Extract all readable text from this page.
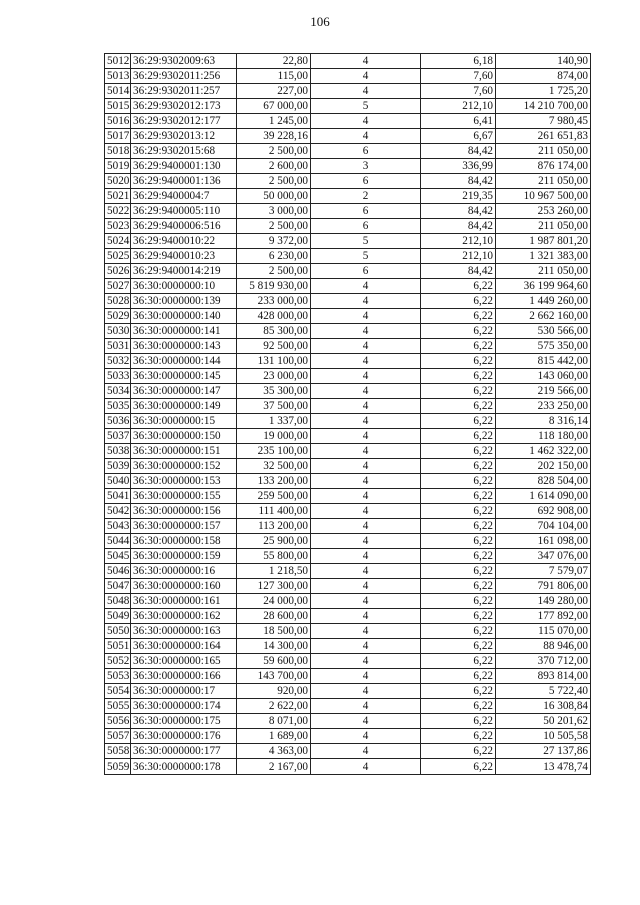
106
5012	36:29:9302009:63	22,80	4	6,18	140,90
5013	36:29:9302011:256	115,00	4	7,60	874,00
5014	36:29:9302011:257	227,00	4	7,60	1 725,20
5015	36:29:9302012:173	67 000,00	5	212,10	14 210 700,00
5016	36:29:9302012:177	1 245,00	4	6,41	7 980,45
5017	36:29:9302013:12	39 228,16	4	6,67	261 651,83
5018	36:29:9302015:68	2 500,00	6	84,42	211 050,00
5019	36:29:9400001:130	2 600,00	3	336,99	876 174,00
5020	36:29:9400001:136	2 500,00	6	84,42	211 050,00
5021	36:29:9400004:7	50 000,00	2	219,35	10 967 500,00
5022	36:29:9400005:110	3 000,00	6	84,42	253 260,00
5023	36:29:9400006:516	2 500,00	6	84,42	211 050,00
5024	36:29:9400010:22	9 372,00	5	212,10	1 987 801,20
5025	36:29:9400010:23	6 230,00	5	212,10	1 321 383,00
5026	36:29:9400014:219	2 500,00	6	84,42	211 050,00
5027	36:30:0000000:10	5 819 930,00	4	6,22	36 199 964,60
5028	36:30:0000000:139	233 000,00	4	6,22	1 449 260,00
5029	36:30:0000000:140	428 000,00	4	6,22	2 662 160,00
5030	36:30:0000000:141	85 300,00	4	6,22	530 566,00
5031	36:30:0000000:143	92 500,00	4	6,22	575 350,00
5032	36:30:0000000:144	131 100,00	4	6,22	815 442,00
5033	36:30:0000000:145	23 000,00	4	6,22	143 060,00
5034	36:30:0000000:147	35 300,00	4	6,22	219 566,00
5035	36:30:0000000:149	37 500,00	4	6,22	233 250,00
5036	36:30:0000000:15	1 337,00	4	6,22	8 316,14
5037	36:30:0000000:150	19 000,00	4	6,22	118 180,00
5038	36:30:0000000:151	235 100,00	4	6,22	1 462 322,00
5039	36:30:0000000:152	32 500,00	4	6,22	202 150,00
5040	36:30:0000000:153	133 200,00	4	6,22	828 504,00
5041	36:30:0000000:155	259 500,00	4	6,22	1 614 090,00
5042	36:30:0000000:156	111 400,00	4	6,22	692 908,00
5043	36:30:0000000:157	113 200,00	4	6,22	704 104,00
5044	36:30:0000000:158	25 900,00	4	6,22	161 098,00
5045	36:30:0000000:159	55 800,00	4	6,22	347 076,00
5046	36:30:0000000:16	1 218,50	4	6,22	7 579,07
5047	36:30:0000000:160	127 300,00	4	6,22	791 806,00
5048	36:30:0000000:161	24 000,00	4	6,22	149 280,00
5049	36:30:0000000:162	28 600,00	4	6,22	177 892,00
5050	36:30:0000000:163	18 500,00	4	6,22	115 070,00
5051	36:30:0000000:164	14 300,00	4	6,22	88 946,00
5052	36:30:0000000:165	59 600,00	4	6,22	370 712,00
5053	36:30:0000000:166	143 700,00	4	6,22	893 814,00
5054	36:30:0000000:17	920,00	4	6,22	5 722,40
5055	36:30:0000000:174	2 622,00	4	6,22	16 308,84
5056	36:30:0000000:175	8 071,00	4	6,22	50 201,62
5057	36:30:0000000:176	1 689,00	4	6,22	10 505,58
5058	36:30:0000000:177	4 363,00	4	6,22	27 137,86
5059	36:30:0000000:178	2 167,00	4	6,22	13 478,74
